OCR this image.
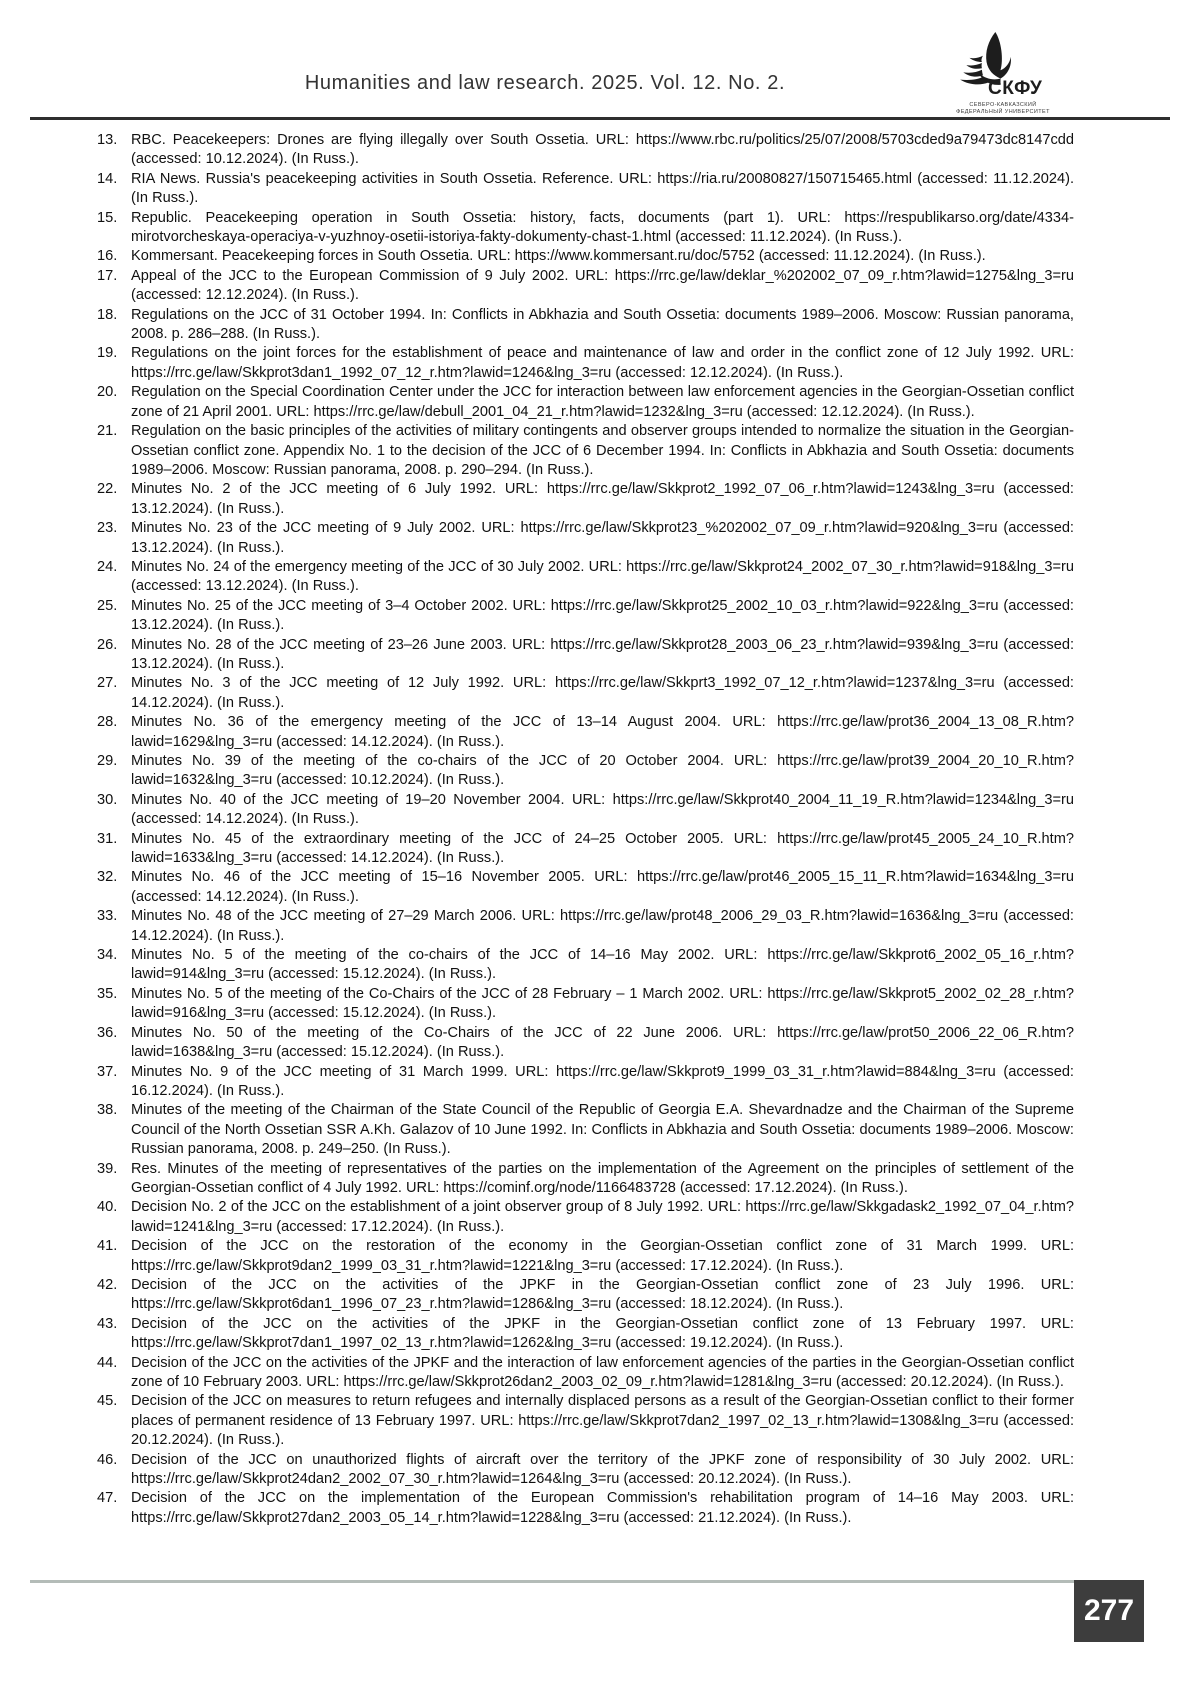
Humanities and law research. 2025. Vol. 12. No. 2.	СКФУ
СЕВЕРО-КАВКАЗСКИЙ
ФЕДЕРАЛЬНЫЙ УНИВЕРСИТЕТ
13. RBC. Peacekeepers: Drones are flying illegally over South Ossetia. URL: https://www.rbc.ru/politics/25/07/2008/5703cded9a79473dc8147cdd (accessed: 10.12.2024). (In Russ.).
14. RIA News. Russia's peacekeeping activities in South Ossetia. Reference. URL: https://ria.ru/20080827/150715465.html (accessed: 11.12.2024). (In Russ.).
15. Republic. Peacekeeping operation in South Ossetia: history, facts, documents (part 1). URL: https://respublikarso.org/date/4334-mirotvorcheskaya-operaciya-v-yuzhnoy-osetii-istoriya-fakty-dokumenty-chast-1.html (accessed: 11.12.2024). (In Russ.).
16. Kommersant. Peacekeeping forces in South Ossetia. URL: https://www.kommersant.ru/doc/5752 (accessed: 11.12.2024). (In Russ.).
17. Appeal of the JCC to the European Commission of 9 July 2002. URL: https://rrc.ge/law/deklar_%202002_07_09_r.htm?lawid=1275&lng_3=ru (accessed: 12.12.2024). (In Russ.).
18. Regulations on the JCC of 31 October 1994. In: Conflicts in Abkhazia and South Ossetia: documents 1989–2006. Moscow: Russian panorama, 2008. p. 286–288. (In Russ.).
19. Regulations on the joint forces for the establishment of peace and maintenance of law and order in the conflict zone of 12 July 1992. URL: https://rrc.ge/law/Skkprot3dan1_1992_07_12_r.htm?lawid=1246&lng_3=ru (accessed: 12.12.2024). (In Russ.).
20. Regulation on the Special Coordination Center under the JCC for interaction between law enforcement agencies in the Georgian-Ossetian conflict zone of 21 April 2001. URL: https://rrc.ge/law/debull_2001_04_21_r.htm?lawid=1232&lng_3=ru (accessed: 12.12.2024). (In Russ.).
21. Regulation on the basic principles of the activities of military contingents and observer groups intended to normalize the situation in the Georgian-Ossetian conflict zone. Appendix No. 1 to the decision of the JCC of 6 December 1994. In: Conflicts in Abkhazia and South Ossetia: documents 1989–2006. Moscow: Russian panorama, 2008. p. 290–294. (In Russ.).
22. Minutes No. 2 of the JCC meeting of 6 July 1992. URL: https://rrc.ge/law/Skkprot2_1992_07_06_r.htm?lawid=1243&lng_3=ru (accessed: 13.12.2024). (In Russ.).
23. Minutes No. 23 of the JCC meeting of 9 July 2002. URL: https://rrc.ge/law/Skkprot23_%202002_07_09_r.htm?lawid=920&lng_3=ru (accessed: 13.12.2024). (In Russ.).
24. Minutes No. 24 of the emergency meeting of the JCC of 30 July 2002. URL: https://rrc.ge/law/Skkprot24_2002_07_30_r.htm?lawid=918&lng_3=ru (accessed: 13.12.2024). (In Russ.).
25. Minutes No. 25 of the JCC meeting of 3–4 October 2002. URL: https://rrc.ge/law/Skkprot25_2002_10_03_r.htm?lawid=922&lng_3=ru (accessed: 13.12.2024). (In Russ.).
26. Minutes No. 28 of the JCC meeting of 23–26 June 2003. URL: https://rrc.ge/law/Skkprot28_2003_06_23_r.htm?lawid=939&lng_3=ru (accessed: 13.12.2024). (In Russ.).
27. Minutes No. 3 of the JCC meeting of 12 July 1992. URL: https://rrc.ge/law/Skkprt3_1992_07_12_r.htm?lawid=1237&lng_3=ru (accessed: 14.12.2024). (In Russ.).
28. Minutes No. 36 of the emergency meeting of the JCC of 13–14 August 2004. URL: https://rrc.ge/law/prot36_2004_13_08_R.htm?lawid=1629&lng_3=ru (accessed: 14.12.2024). (In Russ.).
29. Minutes No. 39 of the meeting of the co-chairs of the JCC of 20 October 2004. URL: https://rrc.ge/law/prot39_2004_20_10_R.htm?lawid=1632&lng_3=ru (accessed: 10.12.2024). (In Russ.).
30. Minutes No. 40 of the JCC meeting of 19–20 November 2004. URL: https://rrc.ge/law/Skkprot40_2004_11_19_R.htm?lawid=1234&lng_3=ru (accessed: 14.12.2024). (In Russ.).
31. Minutes No. 45 of the extraordinary meeting of the JCC of 24–25 October 2005. URL: https://rrc.ge/law/prot45_2005_24_10_R.htm?lawid=1633&lng_3=ru (accessed: 14.12.2024). (In Russ.).
32. Minutes No. 46 of the JCC meeting of 15–16 November 2005. URL: https://rrc.ge/law/prot46_2005_15_11_R.htm?lawid=1634&lng_3=ru (accessed: 14.12.2024). (In Russ.).
33. Minutes No. 48 of the JCC meeting of 27–29 March 2006. URL: https://rrc.ge/law/prot48_2006_29_03_R.htm?lawid=1636&lng_3=ru (accessed: 14.12.2024). (In Russ.).
34. Minutes No. 5 of the meeting of the co-chairs of the JCC of 14–16 May 2002. URL: https://rrc.ge/law/Skkprot6_2002_05_16_r.htm?lawid=914&lng_3=ru (accessed: 15.12.2024). (In Russ.).
35. Minutes No. 5 of the meeting of the Co-Chairs of the JCC of 28 February – 1 March 2002. URL: https://rrc.ge/law/Skkprot5_2002_02_28_r.htm?lawid=916&lng_3=ru (accessed: 15.12.2024). (In Russ.).
36. Minutes No. 50 of the meeting of the Co-Chairs of the JCC of 22 June 2006. URL: https://rrc.ge/law/prot50_2006_22_06_R.htm?lawid=1638&lng_3=ru (accessed: 15.12.2024). (In Russ.).
37. Minutes No. 9 of the JCC meeting of 31 March 1999. URL: https://rrc.ge/law/Skkprot9_1999_03_31_r.htm?lawid=884&lng_3=ru (accessed: 16.12.2024). (In Russ.).
38. Minutes of the meeting of the Chairman of the State Council of the Republic of Georgia E.A. Shevardnadze and the Chairman of the Supreme Council of the North Ossetian SSR A.Kh. Galazov of 10 June 1992. In: Conflicts in Abkhazia and South Ossetia: documents 1989–2006. Moscow: Russian panorama, 2008. p. 249–250. (In Russ.).
39. Res. Minutes of the meeting of representatives of the parties on the implementation of the Agreement on the principles of settlement of the Georgian-Ossetian conflict of 4 July 1992. URL: https://cominf.org/node/1166483728 (accessed: 17.12.2024). (In Russ.).
40. Decision No. 2 of the JCC on the establishment of a joint observer group of 8 July 1992. URL: https://rrc.ge/law/Skkgadask2_1992_07_04_r.htm?lawid=1241&lng_3=ru (accessed: 17.12.2024). (In Russ.).
41. Decision of the JCC on the restoration of the economy in the Georgian-Ossetian conflict zone of 31 March 1999. URL: https://rrc.ge/law/Skkprot9dan2_1999_03_31_r.htm?lawid=1221&lng_3=ru (accessed: 17.12.2024). (In Russ.).
42. Decision of the JCC on the activities of the JPKF in the Georgian-Ossetian conflict zone of 23 July 1996. URL: https://rrc.ge/law/Skkprot6dan1_1996_07_23_r.htm?lawid=1286&lng_3=ru (accessed: 18.12.2024). (In Russ.).
43. Decision of the JCC on the activities of the JPKF in the Georgian-Ossetian conflict zone of 13 February 1997. URL: https://rrc.ge/law/Skkprot7dan1_1997_02_13_r.htm?lawid=1262&lng_3=ru (accessed: 19.12.2024). (In Russ.).
44. Decision of the JCC on the activities of the JPKF and the interaction of law enforcement agencies of the parties in the Georgian-Ossetian conflict zone of 10 February 2003. URL: https://rrc.ge/law/Skkprot26dan2_2003_02_09_r.htm?lawid=1281&lng_3=ru (accessed: 20.12.2024). (In Russ.).
45. Decision of the JCC on measures to return refugees and internally displaced persons as a result of the Georgian-Ossetian conflict to their former places of permanent residence of 13 February 1997. URL: https://rrc.ge/law/Skkprot7dan2_1997_02_13_r.htm?lawid=1308&lng_3=ru (accessed: 20.12.2024). (In Russ.).
46. Decision of the JCC on unauthorized flights of aircraft over the territory of the JPKF zone of responsibility of 30 July 2002. URL: https://rrc.ge/law/Skkprot24dan2_2002_07_30_r.htm?lawid=1264&lng_3=ru (accessed: 20.12.2024). (In Russ.).
47. Decision of the JCC on the implementation of the European Commission's rehabilitation program of 14–16 May 2003. URL: https://rrc.ge/law/Skkprot27dan2_2003_05_14_r.htm?lawid=1228&lng_3=ru (accessed: 21.12.2024). (In Russ.).
277
